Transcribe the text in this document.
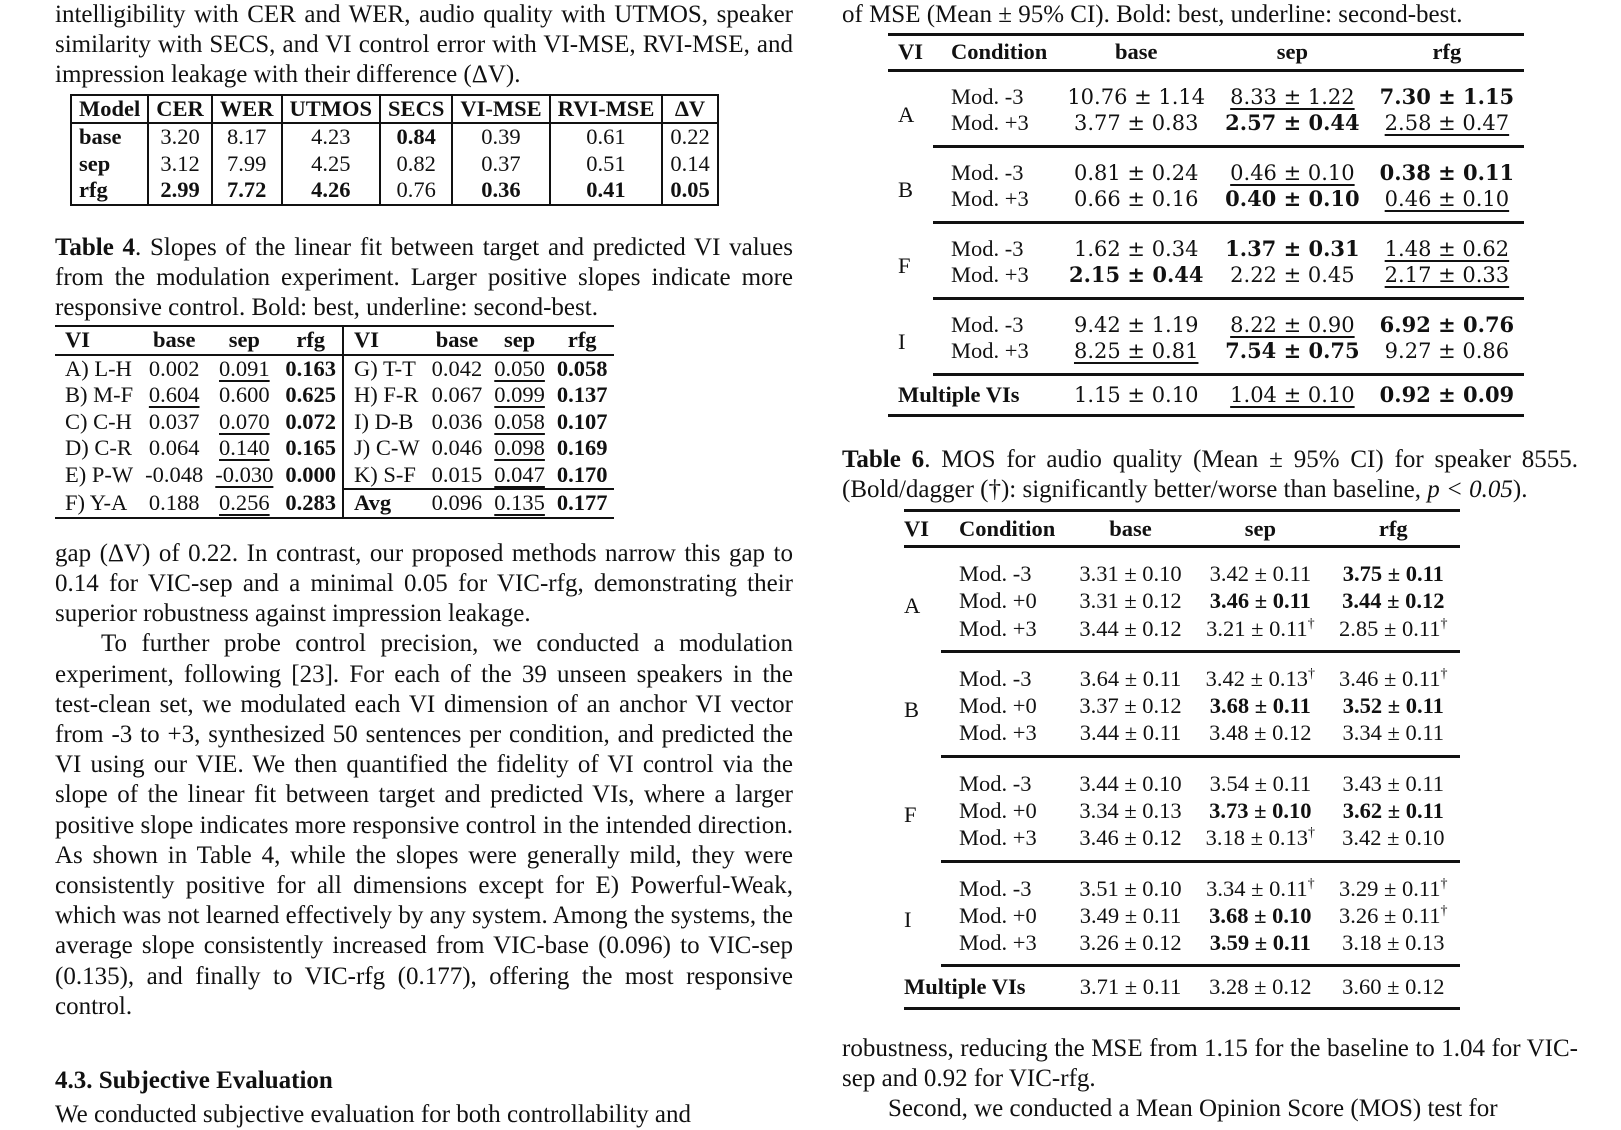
intelligibility with CER and WER, audio quality with UTMOS, speaker similarity with SECS, and VI control error with VI-MSE, RVI-MSE, and impression leakage with their difference (ΔV).

Model	CER	WER	UTMOS	SECS	VI-MSE	RVI-MSE	ΔV
base	3.20	8.17	4.23	0.84	0.39	0.61	0.22
sep	3.12	7.99	4.25	0.82	0.37	0.51	0.14
rfg	2.99	7.72	4.26	0.76	0.36	0.41	0.05

Table 4. Slopes of the linear fit between target and predicted VI values from the modulation experiment. Larger positive slopes indicate more responsive control. Bold: best, underline: second-best.

VI	base	sep	rfg	VI	base	sep	rfg
A) L-H	0.002	0.091	0.163	G) T-T	0.042	0.050	0.058
B) M-F	0.604	0.600	0.625	H) F-R	0.067	0.099	0.137
C) C-H	0.037	0.070	0.072	I) D-B	0.036	0.058	0.107
D) C-R	0.064	0.140	0.165	J) C-W	0.046	0.098	0.169
E) P-W	-0.048	-0.030	0.000	K) S-F	0.015	0.047	0.170
F) Y-A	0.188	0.256	0.283	Avg	0.096	0.135	0.177

gap (ΔV) of 0.22. In contrast, our proposed methods narrow this gap to 0.14 for VIC-sep and a minimal 0.05 for VIC-rfg, demonstrating their superior robustness against impression leakage.

To further probe control precision, we conducted a modulation experiment, following [23]. For each of the 39 unseen speakers in the test-clean set, we modulated each VI dimension of an anchor VI vector from -3 to +3, synthesized 50 sentences per condition, and predicted the VI using our VIE. We then quantified the fidelity of VI control via the slope of the linear fit between target and predicted VIs, where a larger positive slope indicates more responsive control in the intended direction. As shown in Table 4, while the slopes were generally mild, they were consistently positive for all dimensions except for E) Powerful-Weak, which was not learned effectively by any system. Among the systems, the average slope consistently increased from VIC-base (0.096) to VIC-sep (0.135), and finally to VIC-rfg (0.177), offering the most responsive control.

4.3. Subjective Evaluation

We conducted subjective evaluation for both controllability and

of MSE (Mean ± 95% CI). Bold: best, underline: second-best.

VI	Condition	base	sep	rfg
A	Mod. -3	10.76 ± 1.14	8.33 ± 1.22	7.30 ± 1.15
	Mod. +3	3.77 ± 0.83	2.57 ± 0.44	2.58 ± 0.47
B	Mod. -3	0.81 ± 0.24	0.46 ± 0.10	0.38 ± 0.11
	Mod. +3	0.66 ± 0.16	0.40 ± 0.10	0.46 ± 0.10
F	Mod. -3	1.62 ± 0.34	1.37 ± 0.31	1.48 ± 0.62
	Mod. +3	2.15 ± 0.44	2.22 ± 0.45	2.17 ± 0.33
I	Mod. -3	9.42 ± 1.19	8.22 ± 0.90	6.92 ± 0.76
	Mod. +3	8.25 ± 0.81	7.54 ± 0.75	9.27 ± 0.86
Multiple VIs		1.15 ± 0.10	1.04 ± 0.10	0.92 ± 0.09

Table 6. MOS for audio quality (Mean ± 95% CI) for speaker 8555. (Bold/dagger (†): significantly better/worse than baseline, p < 0.05).

VI	Condition	base	sep	rfg
A	Mod. -3	3.31 ± 0.10	3.42 ± 0.11	3.75 ± 0.11
	Mod. +0	3.31 ± 0.12	3.46 ± 0.11	3.44 ± 0.12
	Mod. +3	3.44 ± 0.12	3.21 ± 0.11†	2.85 ± 0.11†
B	Mod. -3	3.64 ± 0.11	3.42 ± 0.13†	3.46 ± 0.11†
	Mod. +0	3.37 ± 0.12	3.68 ± 0.11	3.52 ± 0.11
	Mod. +3	3.44 ± 0.11	3.48 ± 0.12	3.34 ± 0.11
F	Mod. -3	3.44 ± 0.10	3.54 ± 0.11	3.43 ± 0.11
	Mod. +0	3.34 ± 0.13	3.73 ± 0.10	3.62 ± 0.11
	Mod. +3	3.46 ± 0.12	3.18 ± 0.13†	3.42 ± 0.10
I	Mod. -3	3.51 ± 0.10	3.34 ± 0.11†	3.29 ± 0.11†
	Mod. +0	3.49 ± 0.11	3.68 ± 0.10	3.26 ± 0.11†
	Mod. +3	3.26 ± 0.12	3.59 ± 0.11	3.18 ± 0.13
Multiple VIs		3.71 ± 0.11	3.28 ± 0.12	3.60 ± 0.12

robustness, reducing the MSE from 1.15 for the baseline to 1.04 for VIC-sep and 0.92 for VIC-rfg.

Second, we conducted a Mean Opinion Score (MOS) test for
